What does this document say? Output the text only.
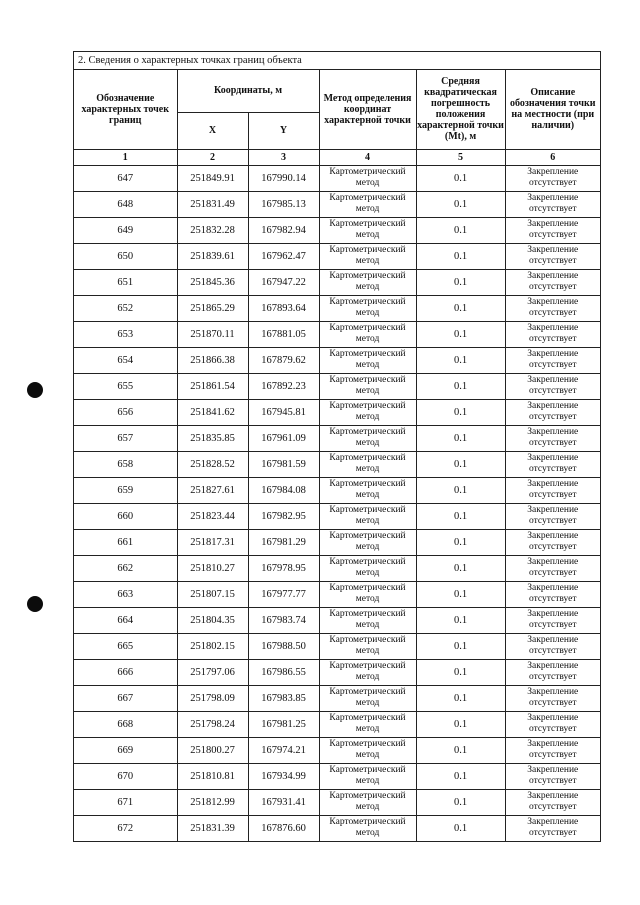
2. Сведения о характерных точках границ объекта
Обозначение характерных точек границ	Координаты, м		Метод определения координат характерной точки	Средняя квадратическая погрешность положения характерной точки (Mt), м	Описание обозначения точки на местности (при наличии)
	X	Y			
1	2	3	4	5	6
647	251849.91	167990.14	Картометрический метод	0.1	Закрепление отсутствует
648	251831.49	167985.13	Картометрический метод	0.1	Закрепление отсутствует
649	251832.28	167982.94	Картометрический метод	0.1	Закрепление отсутствует
650	251839.61	167962.47	Картометрический метод	0.1	Закрепление отсутствует
651	251845.36	167947.22	Картометрический метод	0.1	Закрепление отсутствует
652	251865.29	167893.64	Картометрический метод	0.1	Закрепление отсутствует
653	251870.11	167881.05	Картометрический метод	0.1	Закрепление отсутствует
654	251866.38	167879.62	Картометрический метод	0.1	Закрепление отсутствует
655	251861.54	167892.23	Картометрический метод	0.1	Закрепление отсутствует
656	251841.62	167945.81	Картометрический метод	0.1	Закрепление отсутствует
657	251835.85	167961.09	Картометрический метод	0.1	Закрепление отсутствует
658	251828.52	167981.59	Картометрический метод	0.1	Закрепление отсутствует
659	251827.61	167984.08	Картометрический метод	0.1	Закрепление отсутствует
660	251823.44	167982.95	Картометрический метод	0.1	Закрепление отсутствует
661	251817.31	167981.29	Картометрический метод	0.1	Закрепление отсутствует
662	251810.27	167978.95	Картометрический метод	0.1	Закрепление отсутствует
663	251807.15	167977.77	Картометрический метод	0.1	Закрепление отсутствует
664	251804.35	167983.74	Картометрический метод	0.1	Закрепление отсутствует
665	251802.15	167988.50	Картометрический метод	0.1	Закрепление отсутствует
666	251797.06	167986.55	Картометрический метод	0.1	Закрепление отсутствует
667	251798.09	167983.85	Картометрический метод	0.1	Закрепление отсутствует
668	251798.24	167981.25	Картометрический метод	0.1	Закрепление отсутствует
669	251800.27	167974.21	Картометрический метод	0.1	Закрепление отсутствует
670	251810.81	167934.99	Картометрический метод	0.1	Закрепление отсутствует
671	251812.99	167931.41	Картометрический метод	0.1	Закрепление отсутствует
672	251831.39	167876.60	Картометрический метод	0.1	Закрепление отсутствует
